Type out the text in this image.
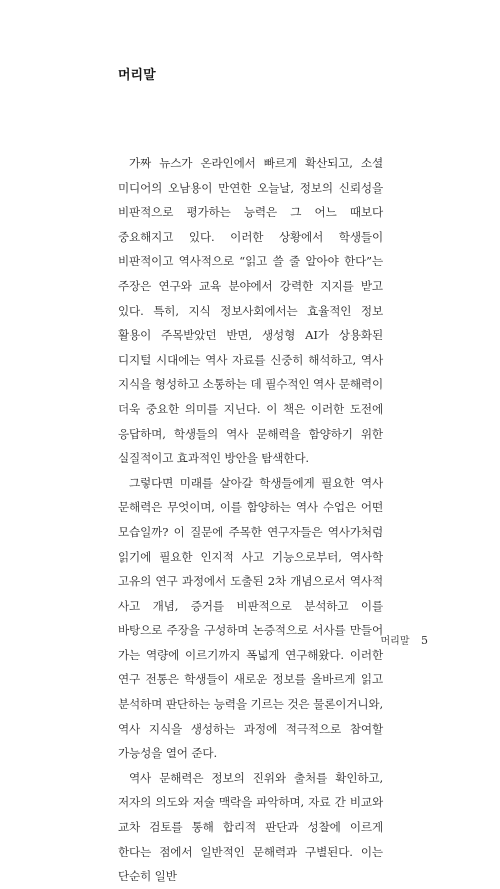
머리말

가짜 뉴스가 온라인에서 빠르게 확산되고, 소셜 미디어의 오남용이 만연한 오늘날, 정보의 신뢰성을 비판적으로 평가하는 능력은 그 어느 때보다 중요해지고 있다. 이러한 상황에서 학생들이 비판적이고 역사적으로 “읽고 쓸 줄 알아야 한다”는 주장은 연구와 교육 분야에서 강력한 지지를 받고 있다. 특히, 지식 정보사회에서는 효율적인 정보 활용이 주목받았던 반면, 생성형 AI가 상용화된 디지털 시대에는 역사 자료를 신중히 해석하고, 역사 지식을 형성하고 소통하는 데 필수적인 역사 문해력이 더욱 중요한 의미를 지닌다. 이 책은 이러한 도전에 응답하며, 학생들의 역사 문해력을 함양하기 위한 실질적이고 효과적인 방안을 탐색한다.

그렇다면 미래를 살아갈 학생들에게 필요한 역사 문해력은 무엇이며, 이를 함양하는 역사 수업은 어떤 모습일까? 이 질문에 주목한 연구자들은 역사가처럼 읽기에 필요한 인지적 사고 기능으로부터, 역사학 고유의 연구 과정에서 도출된 2차 개념으로서 역사적 사고 개념, 증거를 비판적으로 분석하고 이를 바탕으로 주장을 구성하며 논증적으로 서사를 만들어 가는 역량에 이르기까지 폭넓게 연구해왔다. 이러한 연구 전통은 학생들이 새로운 정보를 올바르게 읽고 분석하며 판단하는 능력을 기르는 것은 물론이거니와, 역사 지식을 생성하는 과정에 적극적으로 참여할 가능성을 열어 준다.

역사 문해력은 정보의 진위와 출처를 확인하고, 저자의 의도와 저술 맥락을 파악하며, 자료 간 비교와 교차 검토를 통해 합리적 판단과 성찰에 이르게 한다는 점에서 일반적인 문해력과 구별된다. 이는 단순히 일반

머리말 5
